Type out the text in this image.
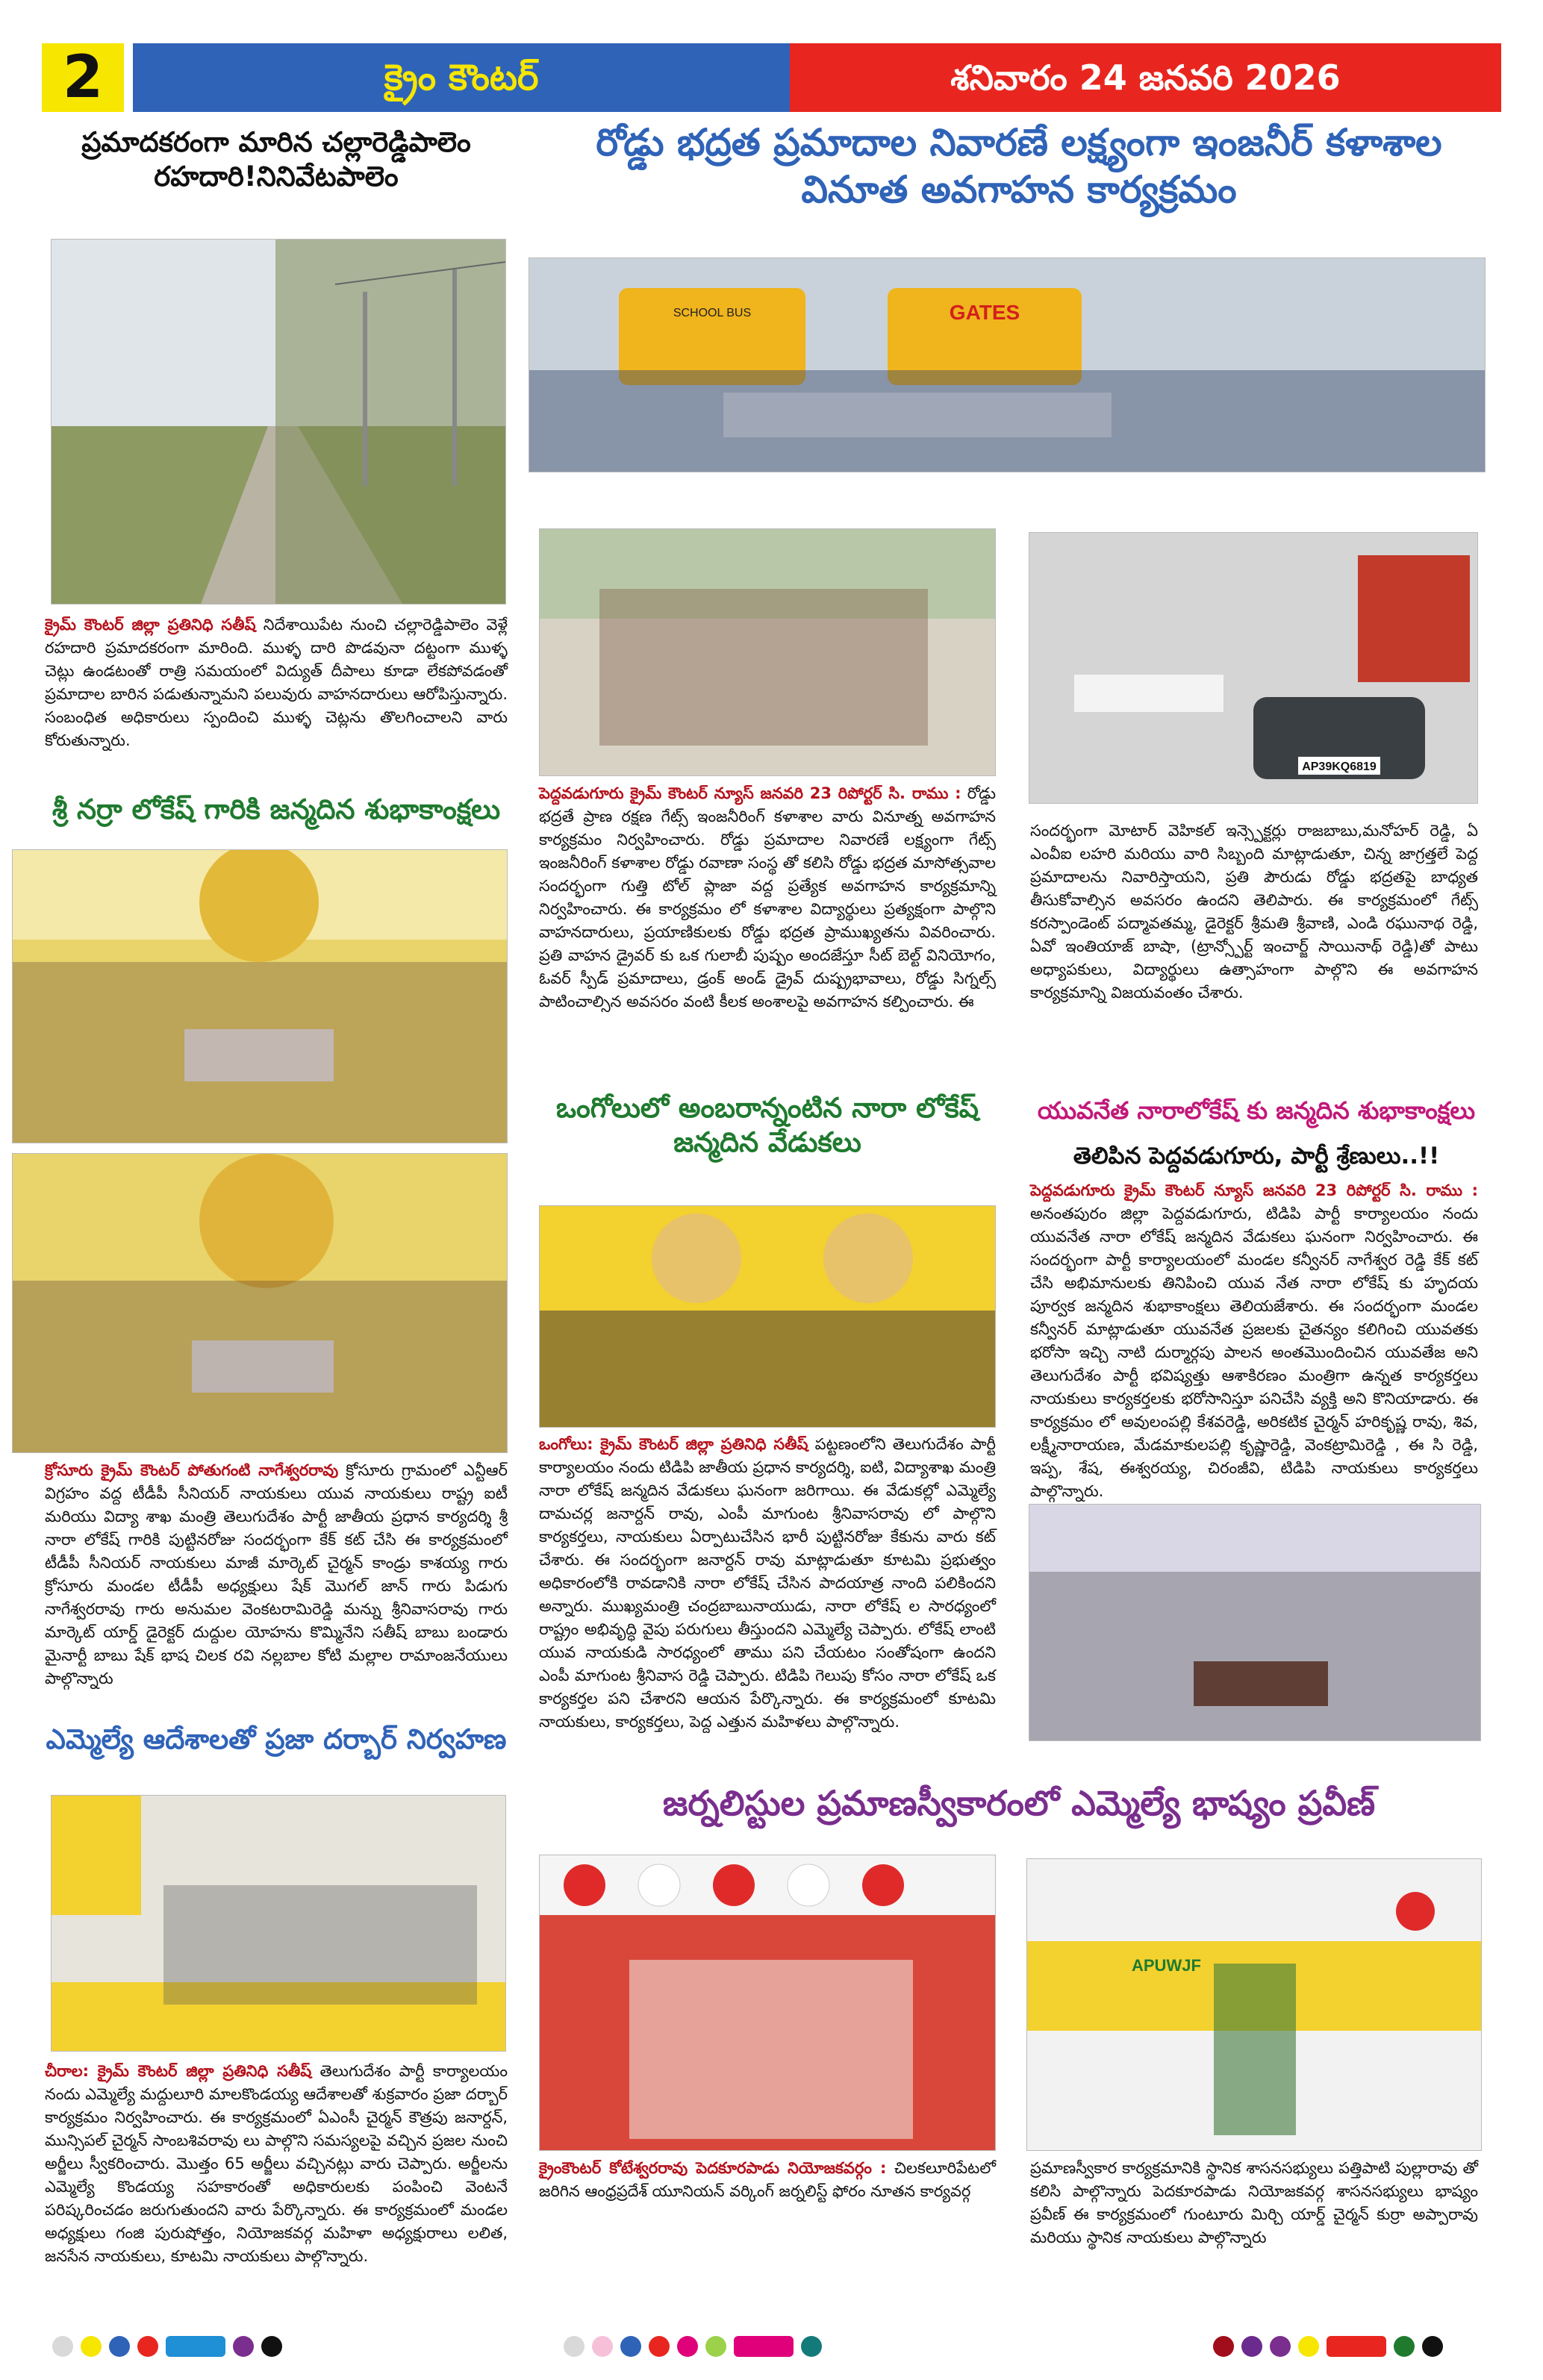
2	క్రైం కౌంటర్	శనివారం 24 జనవరి 2026
ప్రమాదకరంగా మారిన చల్లారెడ్డిపాలెం రహదారి!నినివేటపాలెం
క్రైమ్ కౌంటర్ జిల్లా ప్రతినిధి సతీష్ నిదేశాయిపేట నుంచి చల్లారెడ్డిపాలెం వెళ్లే రహదారి ప్రమాదకరంగా మారింది. ముళ్ళ దారి పొడవునా దట్టంగా ముళ్ళ చెట్లు ఉండటంతో రాత్రి సమయంలో విద్యుత్ దీపాలు కూడా లేకపోవడంతో ప్రమాదాల బారిన పడుతున్నామని పలువురు వాహనదారులు ఆరోపిస్తున్నారు. సంబంధిత అధికారులు స్పందించి ముళ్ళ చెట్లను తొలగించాలని వారు కోరుతున్నారు.
శ్రీ నర్రా లోకేష్ గారికి జన్మదిన శుభాకాంక్షలు
క్రోసూరు క్రైమ్ కౌంటర్ పోతుగంటి నాగేశ్వరరావు క్రోసూరు గ్రామంలో ఎన్టీఆర్ విగ్రహం వద్ద టీడీపీ సీనియర్ నాయకులు యువ నాయకులు రాష్ట్ర ఐటీ మరియు విద్యా శాఖ మంత్రి తెలుగుదేశం పార్టీ జాతీయ ప్రధాన కార్యదర్శి శ్రీ నారా లోకేష్ గారికి పుట్టినరోజు సందర్భంగా కేక్ కట్ చేసి ఈ కార్యక్రమంలో టీడీపీ సీనియర్ నాయకులు మాజీ మార్కెట్ చైర్మన్ కాండ్రు కాశయ్య గారు క్రోసూరు మండల టీడీపీ అధ్యక్షులు షేక్ మొగల్ జాన్ గారు పిడుగు నాగేశ్వరరావు గారు అనుమల వెంకటరామిరెడ్డి మన్ను శ్రీనివాసరావు గారు మార్కెట్ యార్డ్ డైరెక్టర్ దుద్దుల యోహను కొమ్మినేని సతీష్ బాబు బండారు మైనార్టీ బాబు షేక్ భాష చిలక రవి నల్లబాల కోటి మల్లాల రామాంజనేయులు పాల్గొన్నారు
ఎమ్మెల్యే ఆదేశాలతో ప్రజా దర్బార్ నిర్వహణ
చీరాల: క్రైమ్ కౌంటర్ జిల్లా ప్రతినిధి సతీష్ తెలుగుదేశం పార్టీ కార్యాలయం నందు ఎమ్మెల్యే మద్దులూరి మాలకొండయ్య ఆదేశాలతో శుక్రవారం ప్రజా దర్బార్ కార్యక్రమం నిర్వహించారు. ఈ కార్యక్రమంలో ఏఎంసీ చైర్మన్ కౌత్రపు జనార్దన్, మున్సిపల్ చైర్మన్ సాంబశివరావు లు పాల్గొని సమస్యలపై వచ్చిన ప్రజల నుంచి అర్జీలు స్వీకరించారు. మొత్తం 65 అర్జీలు వచ్చినట్లు వారు చెప్పారు. అర్జీలను ఎమ్మెల్యే కొండయ్య సహకారంతో అధికారులకు పంపించి వెంటనే పరిష్కరించడం జరుగుతుందని వారు పేర్కొన్నారు. ఈ కార్యక్రమంలో మండల అధ్యక్షులు గంజి పురుషోత్తం, నియోజకవర్గ మహిళా అధ్యక్షురాలు లలిత, జనసేన నాయకులు, కూటమి నాయకులు పాల్గొన్నారు.
రోడ్డు భద్రత ప్రమాదాల నివారణే లక్ష్యంగా ఇంజనీర్ కళాశాల వినూత అవగాహన కార్యక్రమం
SCHOOL BUS	GATES
పెద్దవడుగూరు క్రైమ్ కౌంటర్ న్యూస్ జనవరి 23 రిపోర్టర్ సి. రాము : రోడ్డు భద్రతే ప్రాణ రక్షణ గేట్స్ ఇంజనీరింగ్ కళాశాల వారు వినూత్న అవగాహన కార్యక్రమం నిర్వహించారు. రోడ్డు ప్రమాదాల నివారణే లక్ష్యంగా గేట్స్ ఇంజనీరింగ్ కళాశాల రోడ్డు రవాణా సంస్థ తో కలిసి రోడ్డు భద్రత మాసోత్సవాల సందర్భంగా గుత్తి టోల్ ప్లాజా వద్ద ప్రత్యేక అవగాహన కార్యక్రమాన్ని నిర్వహించారు. ఈ కార్యక్రమం లో కళాశాల విద్యార్థులు ప్రత్యక్షంగా పాల్గొని వాహనదారులు, ప్రయాణికులకు రోడ్డు భద్రత ప్రాముఖ్యతను వివరించారు. ప్రతి వాహన డ్రైవర్ కు ఒక గులాబీ పుష్పం అందజేస్తూ సీట్ బెల్ట్ వినియోగం, ఓవర్ స్పీడ్ ప్రమాదాలు, డ్రంక్ అండ్ డ్రైవ్ దుష్ప్రభావాలు, రోడ్డు సిగ్నల్స్ పాటించాల్సిన అవసరం వంటి కీలక అంశాలపై అవగాహన కల్పించారు. ఈ
AP39KQ6819
సందర్భంగా మోటార్ వెహికల్ ఇన్స్పెక్టర్లు రాజబాబు,మనోహర్ రెడ్డి, ఏ ఎంవీఐ లహరి మరియు వారి సిబ్బంది మాట్లాడుతూ, చిన్న జాగ్రత్తలే పెద్ద ప్రమాదాలను నివారిస్తాయని, ప్రతి పౌరుడు రోడ్డు భద్రతపై బాధ్యత తీసుకోవాల్సిన అవసరం ఉందని తెలిపారు. ఈ కార్యక్రమంలో గేట్స్ కరస్పాండెంట్ పద్మావతమ్మ, డైరెక్టర్ శ్రీమతి శ్రీవాణి, ఎండి రఘునాథ రెడ్డి, ఏవో ఇంతియాజ్ బాషా, (ట్రాన్స్పోర్ట్ ఇంచార్జ్ సాయినాథ్ రెడ్డి)తో పాటు అధ్యాపకులు, విద్యార్థులు ఉత్సాహంగా పాల్గొని ఈ అవగాహన కార్యక్రమాన్ని విజయవంతం చేశారు.
ఒంగోలులో అంబరాన్నంటిన నారా లోకేష్ జన్మదిన వేడుకలు
ఒంగోలు: క్రైమ్ కౌంటర్ జిల్లా ప్రతినిధి సతీష్ పట్టణంలోని తెలుగుదేశం పార్టీ కార్యాలయం నందు టిడిపి జాతీయ ప్రధాన కార్యదర్శి, ఐటి, విద్యాశాఖ మంత్రి నారా లోకేష్ జన్మదిన వేడుకలు ఘనంగా జరిగాయి. ఈ వేడుకల్లో ఎమ్మెల్యే దామచర్ల జనార్దన్ రావు, ఎంపీ మాగుంట శ్రీనివాసరావు లో పాల్గొని కార్యకర్తలు, నాయకులు ఏర్పాటుచేసిన భారీ పుట్టినరోజు కేకును వారు కట్ చేశారు. ఈ సందర్భంగా జనార్దన్ రావు మాట్లాడుతూ కూటమి ప్రభుత్వం అధికారంలోకి రావడానికి నారా లోకేష్ చేసిన పాదయాత్ర నాంది పలికిందని అన్నారు. ముఖ్యమంత్రి చంద్రబాబునాయుడు, నారా లోకేష్ ల సారధ్యంలో రాష్ట్రం అభివృద్ధి వైపు పరుగులు తీస్తుందని ఎమ్మెల్యే చెప్పారు. లోకేష్ లాంటి యువ నాయకుడి సారధ్యంలో తాము పని చేయటం సంతోషంగా ఉందని ఎంపీ మాగుంట శ్రీనివాస రెడ్డి చెప్పారు. టిడిపి గెలుపు కోసం నారా లోకేష్ ఒక కార్యకర్తల పని చేశారని ఆయన పేర్కొన్నారు. ఈ కార్యక్రమంలో కూటమి నాయకులు, కార్యకర్తలు, పెద్ద ఎత్తున మహిళలు పాల్గొన్నారు.
యువనేత నారాలోకేష్ కు జన్మదిన శుభాకాంక్షలు
తెలిపిన పెద్దవడుగూరు, పార్టీ శ్రేణులు..!!
పెద్దవడుగూరు క్రైమ్ కౌంటర్ న్యూస్ జనవరి 23 రిపోర్టర్ సి. రాము : అనంతపురం జిల్లా పెద్దవడుగూరు, టిడిపి పార్టీ కార్యాలయం నందు యువనేత నారా లోకేష్ జన్మదిన వేడుకలు ఘనంగా నిర్వహించారు. ఈ సందర్భంగా పార్టీ కార్యాలయంలో మండల కన్వీనర్ నాగేశ్వర రెడ్డి కేక్ కట్ చేసి అభిమానులకు తినిపించి యువ నేత నారా లోకేష్ కు హృదయ పూర్వక జన్మదిన శుభాకాంక్షలు తెలియజేశారు. ఈ సందర్భంగా మండల కన్వీనర్ మాట్లాడుతూ యువనేత ప్రజలకు చైతన్యం కలిగించి యువతకు భరోసా ఇచ్చి నాటి దుర్మార్గపు పాలన అంతమొందించిన యువతేజ అని తెలుగుదేశం పార్టీ భవిష్యత్తు ఆశాకిరణం మంత్రిగా ఉన్నత కార్యకర్తలు నాయకులు కార్యకర్తలకు భరోసానిస్తూ పనిచేసి వ్యక్తి అని కొనియాడారు. ఈ కార్యక్రమం లో అవులంపల్లి కేశవరెడ్డి, అరికటిక చైర్మన్ హరికృష్ణ రావు, శివ, లక్ష్మీనారాయణ, మేడమాకులపల్లి కృష్ణారెడ్డి, వెంకట్రామిరెడ్డి , ఈ సి రెడ్డి, ఇప్ప, శేష, ఈశ్వరయ్య, చిరంజీవి, టిడిపి నాయకులు కార్యకర్తలు పాల్గొన్నారు.
జర్నలిస్టుల ప్రమాణస్వీకారంలో ఎమ్మెల్యే భాష్యం ప్రవీణ్
APUWJF
క్రైంకౌంటర్ కోటేశ్వరరావు పెదకూరపాడు నియోజకవర్గం : చిలకలూరిపేటలో జరిగిన ఆంధ్రప్రదేశ్ యూనియన్ వర్కింగ్ జర్నలిస్ట్ ఫోరం నూతన కార్యవర్గ
ప్రమాణస్వీకార కార్యక్రమానికి స్థానిక శాసనసభ్యులు పత్తిపాటి పుల్లారావు తో కలిసి పాల్గొన్నారు పెదకూరపాడు నియోజకవర్గ శాసనసభ్యులు భాష్యం ప్రవీణ్ ఈ కార్యక్రమంలో గుంటూరు మిర్చి యార్డ్ చైర్మన్ కుర్రా అప్పారావు మరియు స్థానిక నాయకులు పాల్గొన్నారు
